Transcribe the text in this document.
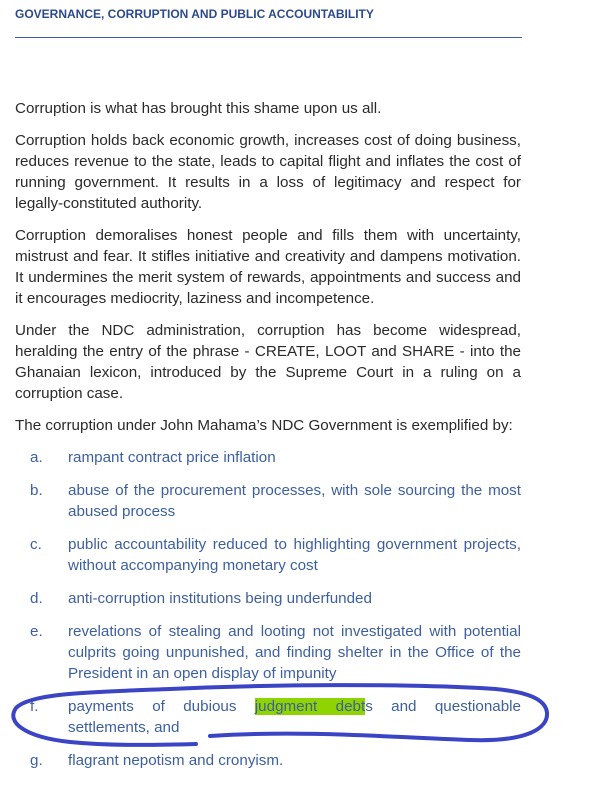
GOVERNANCE, CORRUPTION AND PUBLIC ACCOUNTABILITY

Corruption is what has brought this shame upon us all.

Corruption holds back economic growth, increases cost of doing business, reduces revenue to the state, leads to capital flight and inflates the cost of running government. It results in a loss of legitimacy and respect for legally-constituted authority.

Corruption demoralises honest people and fills them with uncertainty, mistrust and fear. It stifles initiative and creativity and dampens motivation. It undermines the merit system of rewards, appointments and success and it encourages mediocrity, laziness and incompetence.

Under the NDC administration, corruption has become widespread, heralding the entry of the phrase - CREATE, LOOT and SHARE - into the Ghanaian lexicon, introduced by the Supreme Court in a ruling on a corruption case.

The corruption under John Mahama’s NDC Government is exemplified by:

a.	rampant contract price inflation
b.	abuse of the procurement processes, with sole sourcing the most abused process
c.	public accountability reduced to highlighting government projects, without accompanying monetary cost
d.	anti-corruption institutions being underfunded
e.	revelations of stealing and looting not investigated with potential culprits going unpunished, and finding shelter in the Office of the President in an open display of impunity
f.	payments of dubious judgment debts and questionable settlements, and
g.	flagrant nepotism and cronyism.
